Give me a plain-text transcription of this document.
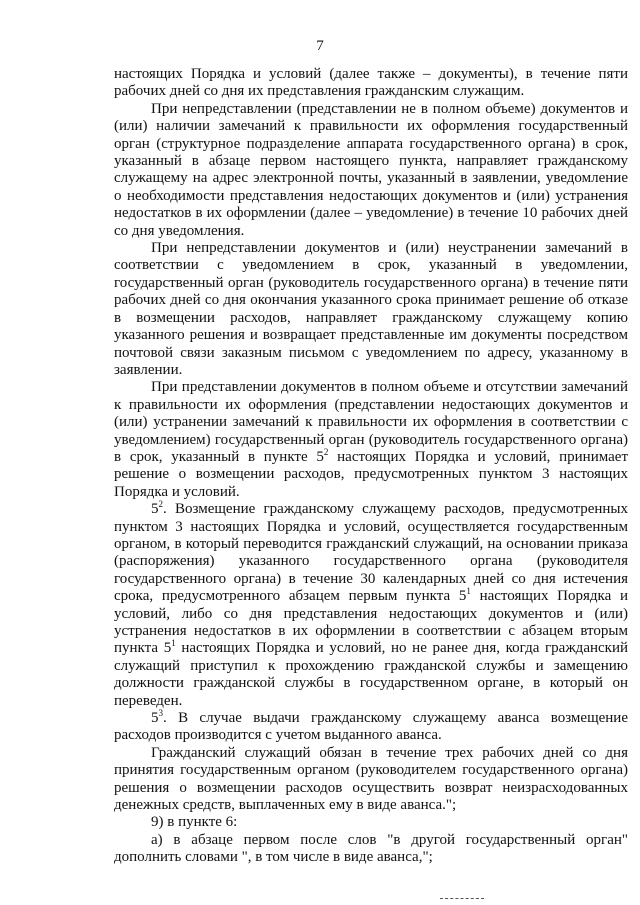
7

настоящих Порядка и условий (далее также – документы), в течение пяти рабочих дней со дня их представления гражданским служащим.

При непредставлении (представлении не в полном объеме) документов и (или) наличии замечаний к правильности их оформления государственный орган (структурное подразделение аппарата государственного органа) в срок, указанный в абзаце первом настоящего пункта, направляет гражданскому служащему на адрес электронной почты, указанный в заявлении, уведомление о необходимости представления недостающих документов и (или) устранения недостатков в их оформлении (далее – уведомление) в течение 10 рабочих дней со дня уведомления.

При непредставлении документов и (или) неустранении замечаний в соответствии с уведомлением в срок, указанный в уведомлении, государственный орган (руководитель государственного органа) в течение пяти рабочих дней со дня окончания указанного срока принимает решение об отказе в возмещении расходов, направляет гражданскому служащему копию указанного решения и возвращает представленные им документы посредством почтовой связи заказным письмом с уведомлением по адресу, указанному в заявлении.

При представлении документов в полном объеме и отсутствии замечаний к правильности их оформления (представлении недостающих документов и (или) устранении замечаний к правильности их оформления в соответствии с уведомлением) государственный орган (руководитель государственного органа) в срок, указанный в пункте $5^2$ настоящих Порядка и условий, принимает решение о возмещении расходов, предусмотренных пунктом 3 настоящих Порядка и условий.

$5^2$. Возмещение гражданскому служащему расходов, предусмотренных пунктом 3 настоящих Порядка и условий, осуществляется государственным органом, в который переводится гражданский служащий, на основании приказа (распоряжения) указанного государственного органа (руководителя государственного органа) в течение 30 календарных дней со дня истечения срока, предусмотренного абзацем первым пункта $5^1$ настоящих Порядка и условий, либо со дня представления недостающих документов и (или) устранения недостатков в их оформлении в соответствии с абзацем вторым пункта $5^1$ настоящих Порядка и условий, но не ранее дня, когда гражданский служащий приступил к прохождению гражданской службы и замещению должности гражданской службы в государственном органе, в который он переведен.

$5^3$. В случае выдачи гражданскому служащему аванса возмещение расходов производится с учетом выданного аванса.

Гражданский служащий обязан в течение трех рабочих дней со дня принятия государственным органом (руководителем государственного органа) решения о возмещении расходов осуществить возврат неизрасходованных денежных средств, выплаченных ему в виде аванса.";

9) в пункте 6:

а) в абзаце первом после слов "в другой государственный орган" дополнить словами ", в том числе в виде аванса,";
